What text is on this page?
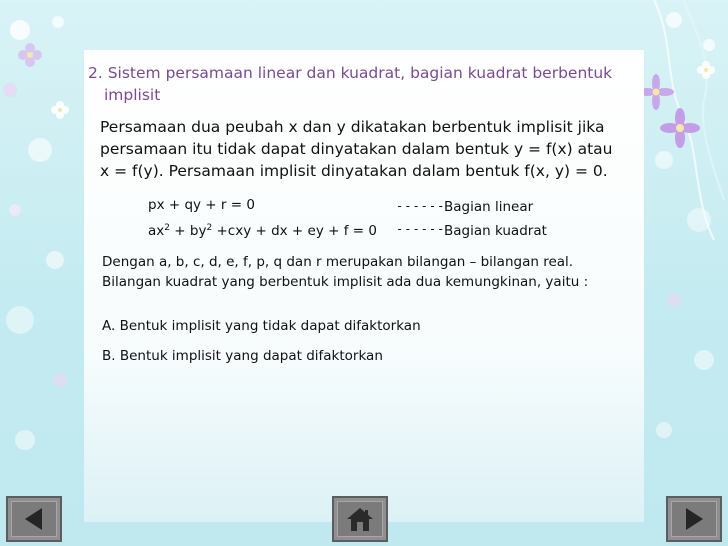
2. Sistem persamaan linear dan kuadrat, bagian kuadrat berbentuk
implisit
Persamaan dua peubah x dan y dikatakan berbentuk implisit jika
persamaan itu tidak dapat dinyatakan dalam bentuk y = f(x) atau
x = f(y). Persamaan implisit dinyatakan dalam bentuk f(x, y) = 0.
px + qy + r = 0	------
Bagian linear
$ax^2 + by^2 +cxy$ + dx + ey + f = 0 ------
Bagian kuadrat
Dengan a, b, c, d, e, f, p, q dan r merupakan bilangan – bilangan real.
Bilangan kuadrat yang berbentuk implisit ada dua kemungkinan, yaitu :
A. Bentuk implisit yang tidak dapat difaktorkan
B. Bentuk implisit yang dapat difaktorkan
